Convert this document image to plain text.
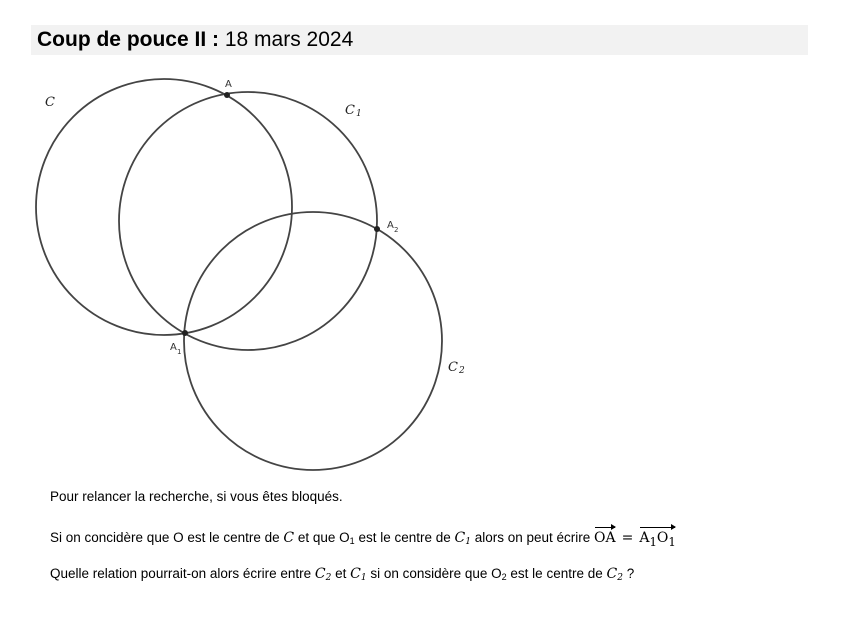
Coup de pouce II : 18 mars 2024
A
A 1
A 2
C
C 1
C 2
Pour relancer la recherche, si vous êtes bloqués.
Si on concidère que O est le centre de C et que $O_1$ est le centre de $C_1$ alors on peut écrire OA = $A_1O_1$
Quelle relation pourrait-on alors écrire entre $C_2$ et $C_1$ si on considère que $O_2$ est le centre de $C_2$ ?
